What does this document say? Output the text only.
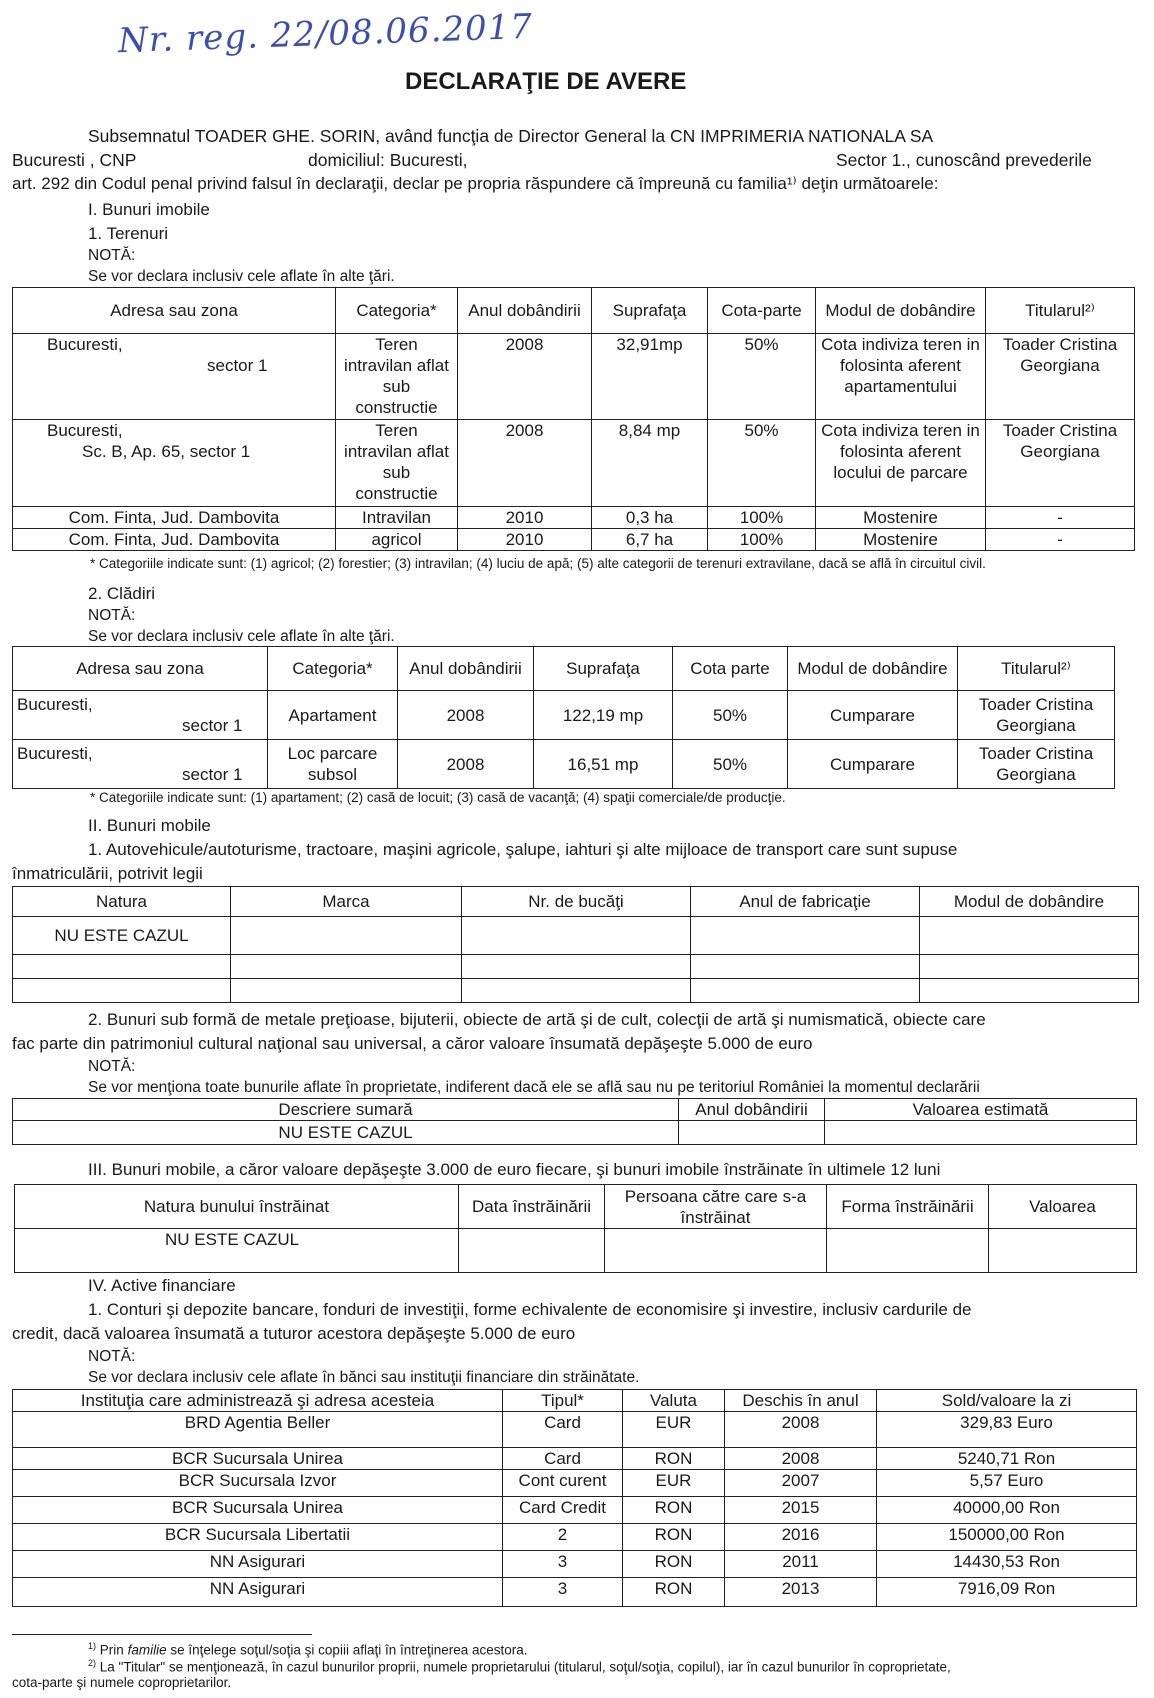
Nr. reg. 22/08.06.2017
DECLARAŢIE DE AVERE
Subsemnatul TOADER GHE. SORIN, având funcţia de Director General la CN IMPRIMERIA NATIONALA SA
Bucuresti , CNP	domiciliul: Bucuresti,	Sector 1., cunoscând prevederile
art. 292 din Codul penal privind falsul în declaraţii, declar pe propria răspundere că împreună cu familia¹⁾ deţin următoarele:
I. Bunuri imobile
1. Terenuri
NOTĂ:
Se vor declara inclusiv cele aflate în alte ţări.
Adresa sau zona	Categoria*	Anul dobândirii	Suprafaţa	Cota-parte	Modul de dobândire	Titularul²⁾

Bucuresti,
sector 1	Teren intravilan aflat sub constructie	2008	32,91mp	50%	Cota indiviza teren in folosinta aferent apartamentului	Toader Cristina Georgiana

Bucuresti,
Sc. B, Ap. 65, sector 1	Teren intravilan aflat sub constructie	2008	8,84 mp	50%	Cota indiviza teren in folosinta aferent locului de parcare	Toader Cristina Georgiana
Com. Finta, Jud. Dambovita	Intravilan	2010	0,3 ha	100%	Mostenire	-
Com. Finta, Jud. Dambovita	agricol	2010	6,7 ha	100%	Mostenire	-
* Categoriile indicate sunt: (1) agricol; (2) forestier; (3) intravilan; (4) luciu de apă; (5) alte categorii de terenuri extravilane, dacă se află în circuitul civil.
2. Clădiri
NOTĂ:
Se vor declara inclusiv cele aflate în alte ţări.
Adresa sau zona	Categoria*	Anul dobândirii	Suprafaţa	Cota parte	Modul de dobândire	Titularul²⁾

Bucuresti,
sector 1	Apartament	2008	122,19 mp	50%	Cumparare	Toader Cristina Georgiana

Bucuresti,
sector 1	Loc parcare subsol	2008	16,51 mp	50%	Cumparare	Toader Cristina Georgiana
* Categoriile indicate sunt: (1) apartament; (2) casă de locuit; (3) casă de vacanţă; (4) spaţii comerciale/de producţie.
II. Bunuri mobile
1. Autovehicule/autoturisme, tractoare, maşini agricole, şalupe, iahturi şi alte mijloace de transport care sunt supuse
înmatriculării, potrivit legii
Natura	Marca	Nr. de bucăţi	Anul de fabricaţie	Modul de dobândire
NU ESTE CAZUL				

2. Bunuri sub formă de metale preţioase, bijuterii, obiecte de artă şi de cult, colecţii de artă şi numismatică, obiecte care
fac parte din patrimoniul cultural naţional sau universal, a căror valoare însumată depăşeşte 5.000 de euro
NOTĂ:
Se vor menţiona toate bunurile aflate în proprietate, indiferent dacă ele se află sau nu pe teritoriul României la momentul declarării
Descriere sumară	Anul dobândirii	Valoarea estimată
NU ESTE CAZUL		
III. Bunuri mobile, a căror valoare depăşeşte 3.000 de euro fiecare, şi bunuri imobile înstrăinate în ultimele 12 luni
Natura bunului înstrăinat	Data înstrăinării	Persoana către care s-a înstrăinat	Forma înstrăinării	Valoarea
NU ESTE CAZUL				
IV. Active financiare
1. Conturi şi depozite bancare, fonduri de investiţii, forme echivalente de economisire şi investire, inclusiv cardurile de
credit, dacă valoarea însumată a tuturor acestora depăşeşte 5.000 de euro
NOTĂ:
Se vor declara inclusiv cele aflate în bănci sau instituţii financiare din străinătate.
Instituţia care administrează şi adresa acesteia	Tipul*	Valuta	Deschis în anul	Sold/valoare la zi
BRD Agentia Beller	Card	EUR	2008	329,83 Euro
BCR Sucursala Unirea	Card	RON	2008	5240,71 Ron
BCR Sucursala Izvor	Cont curent	EUR	2007	5,57 Euro
BCR Sucursala Unirea	Card Credit	RON	2015	40000,00 Ron
BCR Sucursala Libertatii	2	RON	2016	150000,00 Ron
NN Asigurari	3	RON	2011	14430,53 Ron
NN Asigurari	3	RON	2013	7916,09 Ron
$^{1)}$ Prin familie se înţelege soţul/soţia şi copiii aflaţi în întreţinerea acestora.
$^{2)}$ La "Titular" se menţionează, în cazul bunurilor proprii, numele proprietarului (titularul, soţul/soţia, copilul), iar în cazul bunurilor în coproprietate,
cota-parte şi numele coproprietarilor.
